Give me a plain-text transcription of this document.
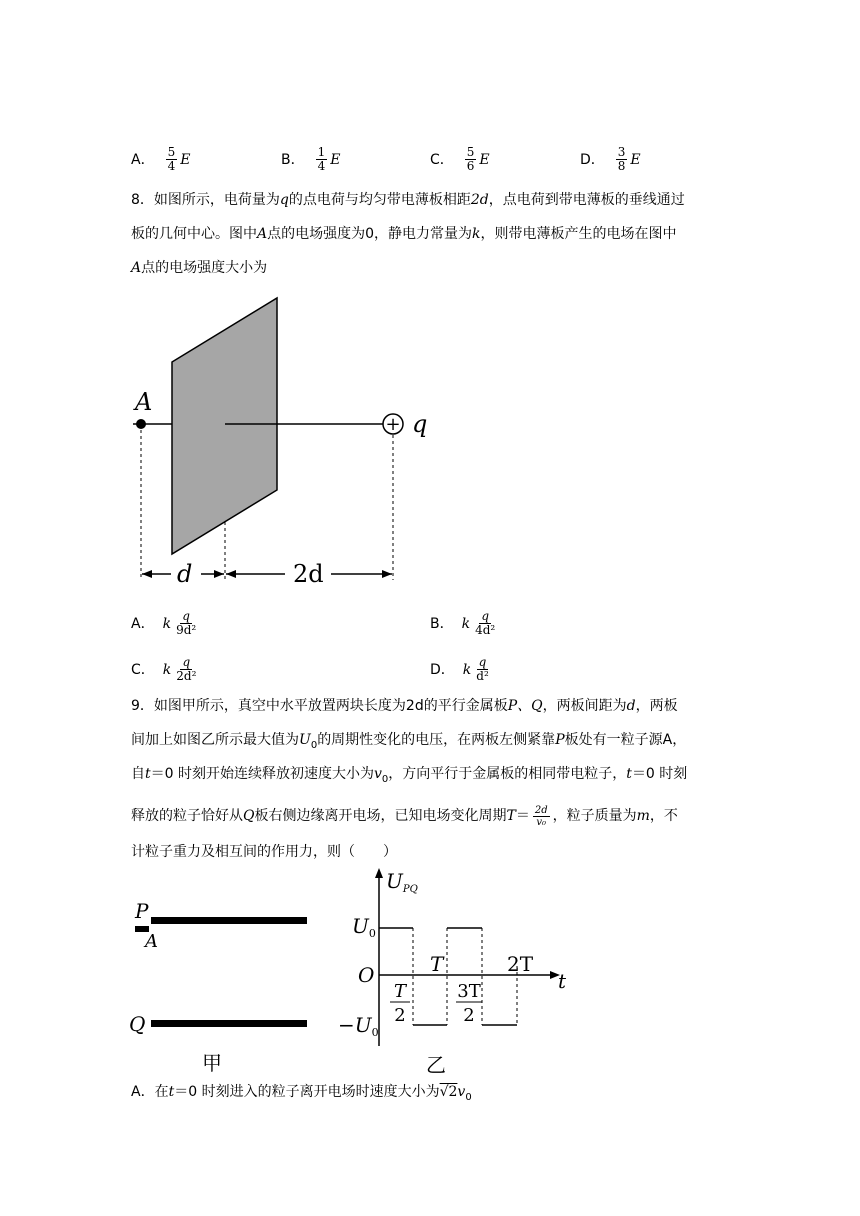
A． $\frac{5}{4}$ E	B． $\frac{1}{4}$ E	C． $\frac{5}{6}$ E	D． $\frac{3}{8}$ E
8．如图所示，电荷量为q的点电荷与均匀带电薄板相距2d，点电荷到带电薄板的垂线通过
板的几何中心。图中A点的电场强度为0，静电力常量为k，则带电薄板产生的电场在图中
A点的电场强度大小为
A
+ q
d	2d
A． k $\frac{q}{\text{9d²}}$	B． k $\frac{q}{\text{4d²}}$
C． k $\frac{q}{\text{2d²}}$	D． k $\frac{q}{\text{d²}}$
9．如图甲所示，真空中水平放置两块长度为2d的平行金属板P、Q，两板间距为d，两板
间加上如图乙所示最大值为$U_0$的周期性变化的电压，在两板左侧紧靠P板处有一粒子源A，
自t＝0 时刻开始连续释放初速度大小为$v_0$，方向平行于金属板的相同带电粒子，t＝0 时刻
释放的粒子恰好从 Q 板右侧边缘离开电场，已知电场变化周期 $T = \frac{2d}{\text{v₀}}$ ，粒子质量为 m ，不
计粒子重力及相互间的作用力，则（　　）
P
A
Q
甲
$U_{PQ}$
t
O
$U_0$
$-U_0$
T	2T
T
2
3T
2
乙
A．在t＝0 时刻进入的粒子离开电场时速度大小为$√2v_0$
